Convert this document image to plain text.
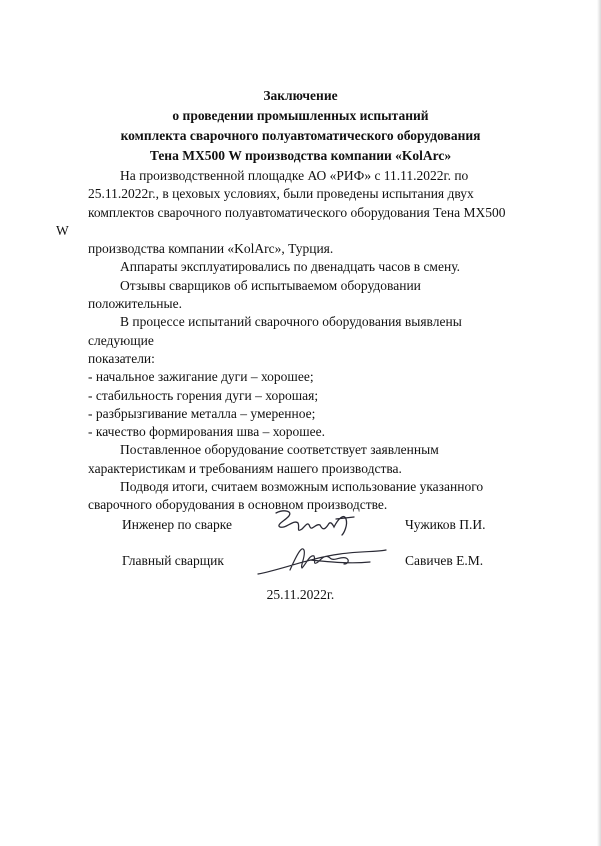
Заключение
о проведении промышленных испытаний
комплекта сварочного полуавтоматического оборудования
Тена МХ500 W производства компании «KolArc»

На производственной площадке АО «РИФ» с 11.11.2022г. по
25.11.2022г., в цеховых условиях, были проведены испытания двух
комплектов сварочного полуавтоматического оборудования Тена МХ500 W
производства компании «KolArc», Турция.

Аппараты эксплуатировались по двенадцать часов в смену.

Отзывы сварщиков об испытываемом оборудовании положительные.

В процессе испытаний сварочного оборудования выявлены следующие
показатели:

- начальное зажигание дуги – хорошее;

- стабильность горения дуги – хорошая;

- разбрызгивание металла – умеренное;

- качество формирования шва – хорошее.

Поставленное оборудование соответствует заявленным
характеристикам и требованиям нашего производства.

Подводя итоги, считаем возможным использование указанного
сварочного оборудования в основном производстве.

Инженер по сварке	Чужиков П.И.
Главный сварщик	Савичев Е.М.
25.11.2022г.
